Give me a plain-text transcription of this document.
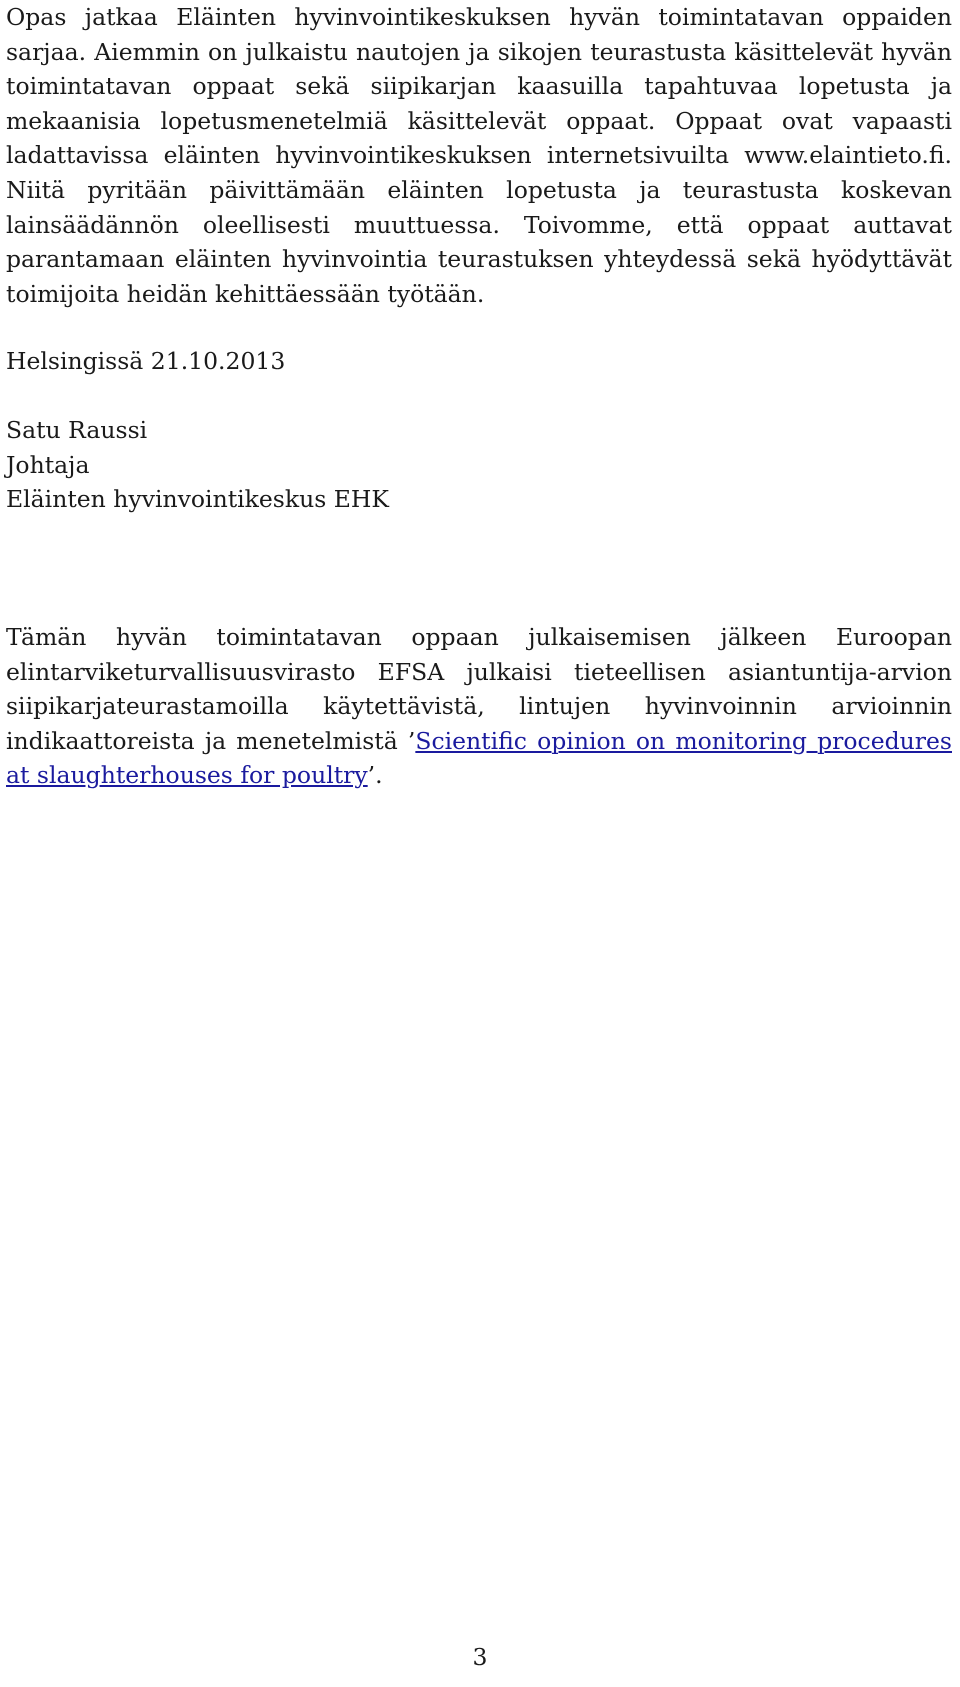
Opas jatkaa Eläinten hyvinvointikeskuksen hyvän toimintatavan oppaiden sarjaa. Aiemmin on julkaistu nautojen ja sikojen teurastusta käsittelevät hyvän toimintatavan oppaat sekä siipikarjan kaasuilla tapahtuvaa lopetusta ja mekaanisia lopetusmenetelmiä käsittelevät oppaat. Oppaat ovat vapaasti ladattavissa eläinten hyvinvointikeskuksen internetsivuilta www.elaintieto.fi. Niitä pyritään päivittämään eläinten lopetusta ja teurastusta koskevan lainsäädännön oleellisesti muuttuessa. Toivomme, että oppaat auttavat parantamaan eläinten hyvinvointia teurastuksen yhteydessä sekä hyödyttävät toimijoita heidän kehittäessään työtään.

Helsingissä 21.10.2013
Satu Raussi
Johtaja
Eläinten hyvinvointikeskus EHK

Tämän hyvän toimintatavan oppaan julkaisemisen jälkeen Euroopan elintarviketurvallisuusvirasto EFSA julkaisi tieteellisen asiantuntija-arvion siipikarjateurastamoilla käytettävistä, lintujen hyvinvoinnin arvioinnin indikaattoreista ja menetelmistä ’Scientific opinion on monitoring procedures at slaughterhouses for poultry’.

3
